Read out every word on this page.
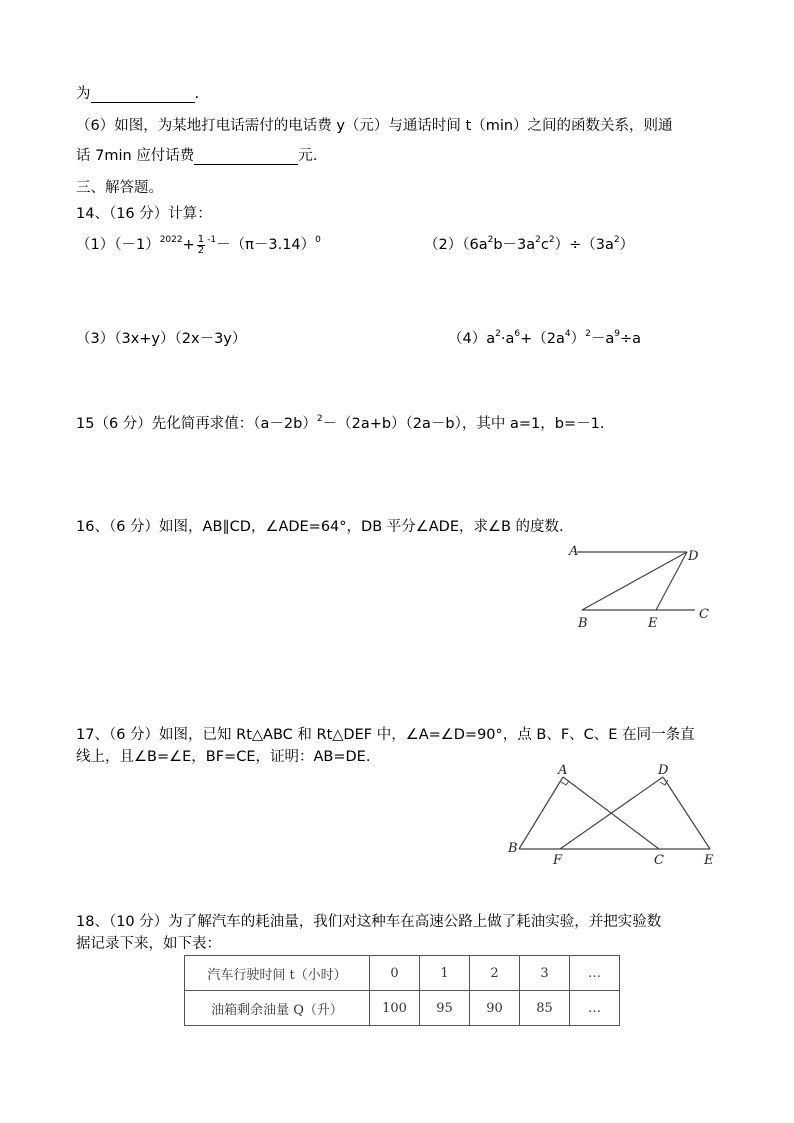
为	.
（6）如图，为某地打电话需付的电话费 y（元）与通话时间 t（min）之间的函数关系，则通
话 7min 应付话费	元.
三、解答题。
14、（16 分）计算：
$(1)(-1)^{2022}+ \frac{1}{2} ^{-1}-(\pi-3.14)^0$	$(2)(6a^2b-3a^2c^2)\div(3a^2)$
（3）（3x+y）（2x－3y）	$(4)a^2\cdot a^6+(2a^4)^2-a^9\div a$
15（6 分）先化简再求值：$(a-2b)^2-(2a+b)(2a-b)$，其中 a=1，b=－1.
16、（6 分）如图，AB∥CD，∠ADE=64°，DB 平分∠ADE，求∠B 的度数.
A	D
B	E
C
17、（6 分）如图，已知 Rt△ABC 和 Rt△DEF 中，∠A=∠D=90°，点 B、F、C、E 在同一条直
线上，且∠B=∠E，BF=CE，证明：AB=DE.
A	D
B
F	C	E
18、（10 分）为了解汽车的耗油量，我们对这种车在高速公路上做了耗油实验，并把实验数
据记录下来，如下表：
汽车行驶时间 t（小时）	0	1	2	3	…
油箱剩余油量 Q（升）	100	95	90	85	…
